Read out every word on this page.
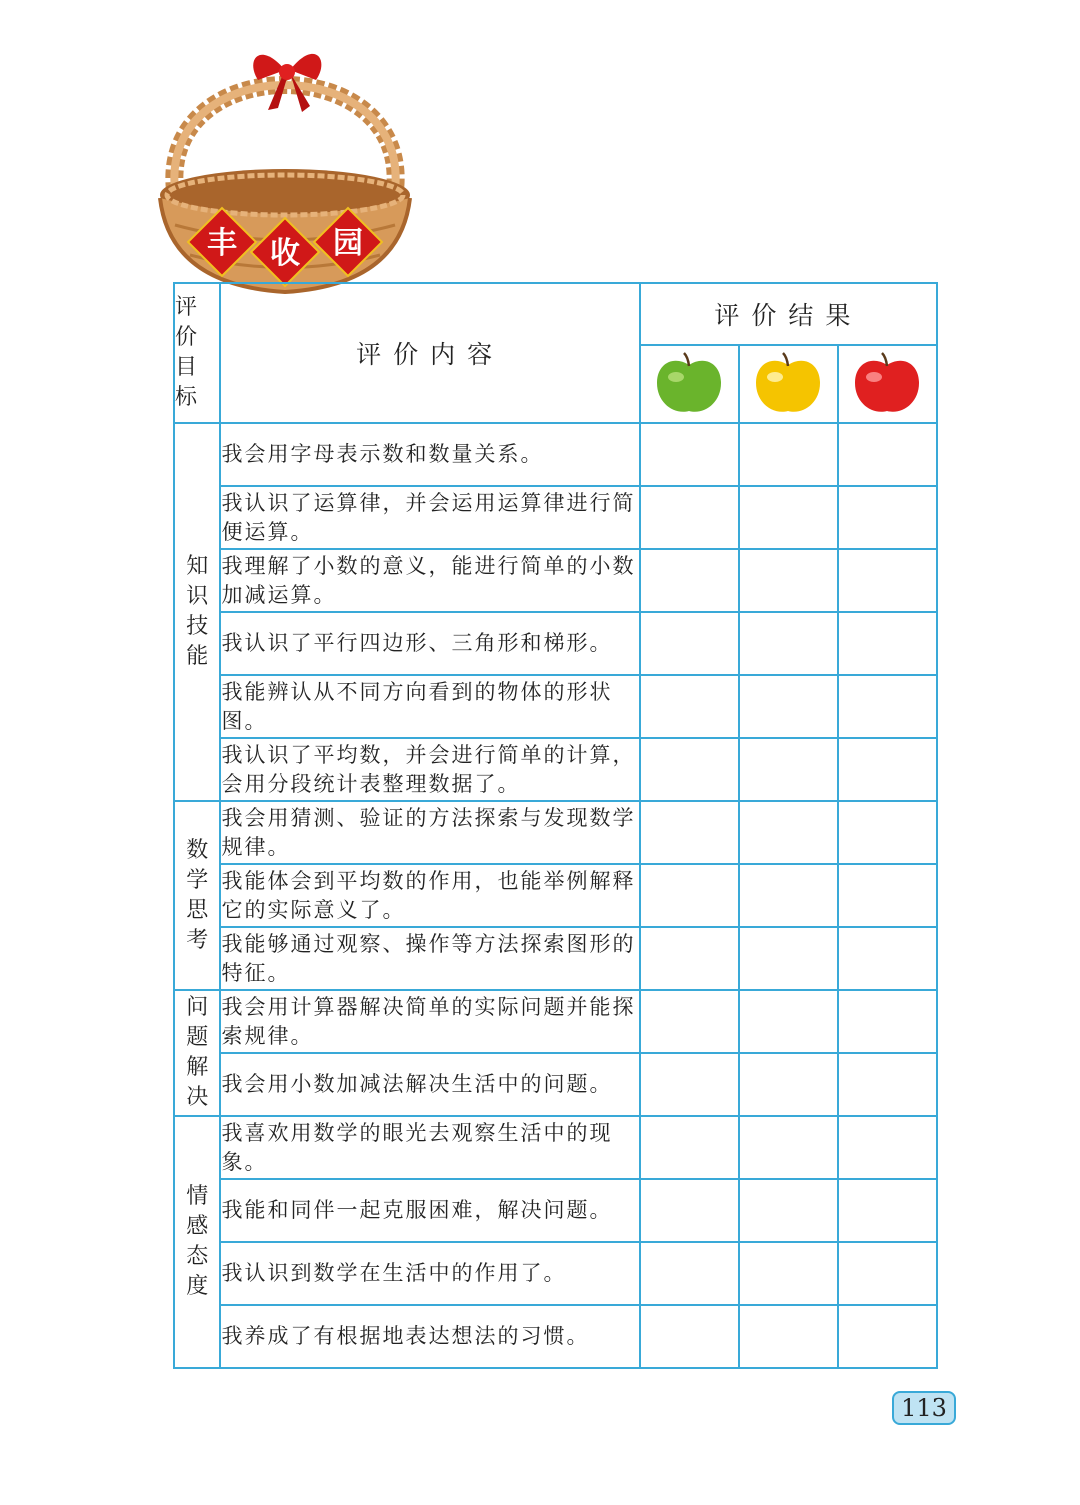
丰 收 园
评价目标	评价内容	评价结果		

知识技能	我会用字母表示数和数量关系。			
	我认识了运算律，并会运用运算律进行简便运算。			
	我理解了小数的意义，能进行简单的小数加减运算。			
	我认识了平行四边形、三角形和梯形。			
	我能辨认从不同方向看到的物体的形状图。			
	我认识了平均数，并会进行简单的计算，会用分段统计表整理数据了。			
数学思考	我会用猜测、验证的方法探索与发现数学规律。			
	我能体会到平均数的作用，也能举例解释它的实际意义了。			
	我能够通过观察、操作等方法探索图形的特征。			
问题解决	我会用计算器解决简单的实际问题并能探索规律。			
	我会用小数加减法解决生活中的问题。			
情感态度	我喜欢用数学的眼光去观察生活中的现象。			
	我能和同伴一起克服困难，解决问题。			
	我认识到数学在生活中的作用了。			
	我养成了有根据地表达想法的习惯。			
113
